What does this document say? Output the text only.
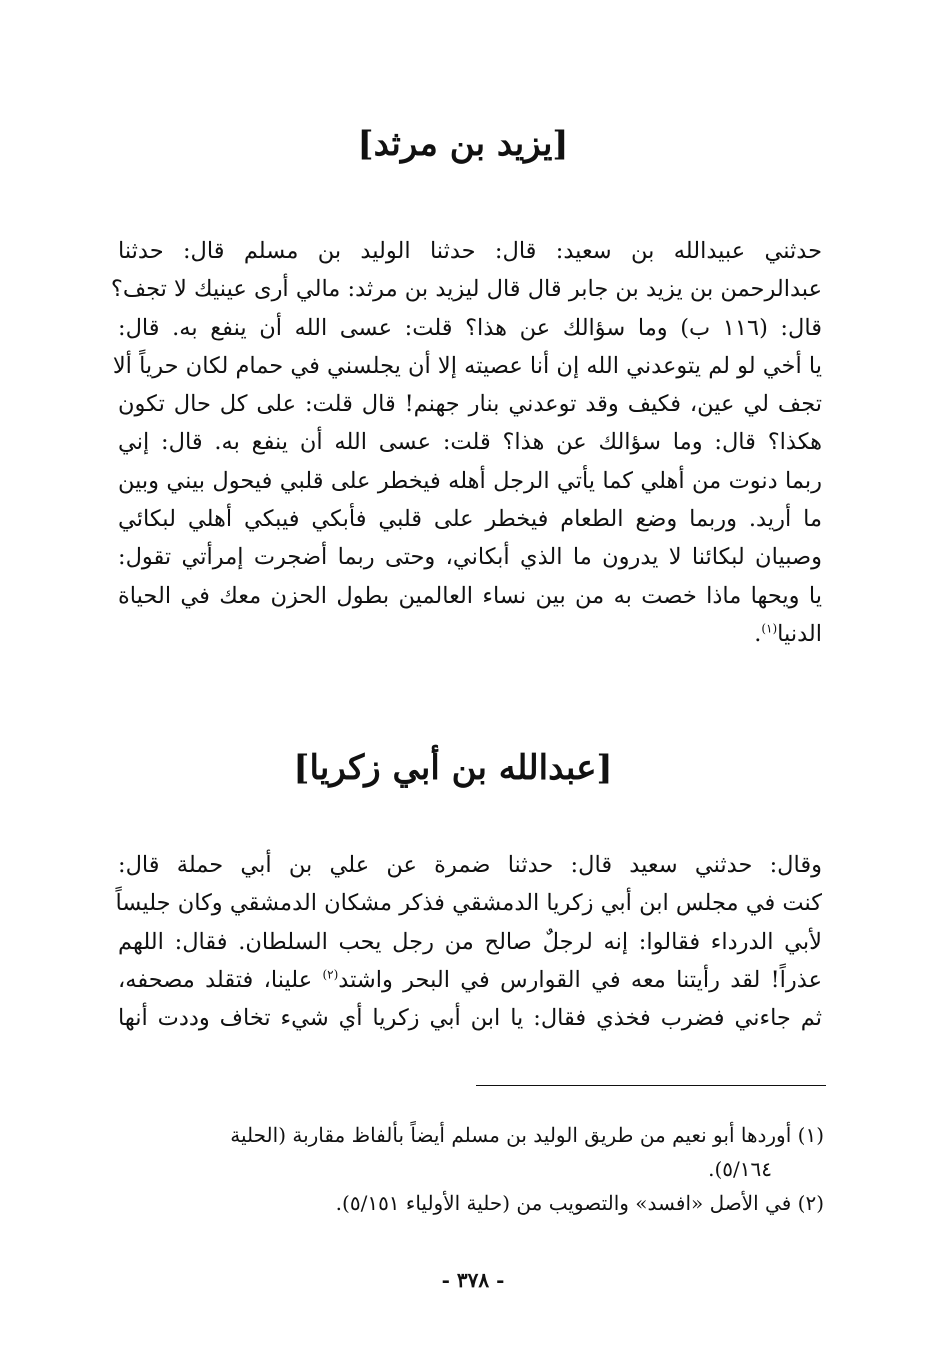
[يزيد بن مرثد]
حدثني عبيدالله بن سعيد: قال: حدثنا الوليد بن مسلم قال: حدثنا
عبدالرحمن بن يزيد بن جابر قال قال ليزيد بن مرثد: مالي أرى عينيك لا تجف؟
قال: (١١٦ ب) وما سؤالك عن هذا؟ قلت: عسى الله أن ينفع به. قال:
يا أخي لو لم يتوعدني الله إن أنا عصيته إلا أن يجلسني في حمام لكان حرياً ألا
تجف لي عين، فكيف وقد توعدني بنار جهنم! قال قلت: على كل حال تكون
هكذا؟ قال: وما سؤالك عن هذا؟ قلت: عسى الله أن ينفع به. قال: إني
ربما دنوت من أهلي كما يأتي الرجل أهله فيخطر على قلبي فيحول بيني وبين
ما أريد. وربما وضع الطعام فيخطر على قلبي فأبكي فيبكي أهلي لبكائي
وصبيان لبكائنا لا يدرون ما الذي أبكاني، وحتى ربما أضجرت إمرأتي تقول:
يا ويحها ماذا خصت به من بين نساء العالمين بطول الحزن معك في الحياة
الدنيا$^{(١)}$.
[عبدالله بن أبي زكريا]
وقال: حدثني سعيد قال: حدثنا ضمرة عن علي بن أبي حملة قال:
كنت في مجلس ابن أبي زكريا الدمشقي فذكر مشكان الدمشقي وكان جليساً
لأبي الدرداء فقالوا: إنه لرجلٌ صالح من رجل يحب السلطان. فقال: اللهم
عذراً! لقد رأيتنا معه في القوارس في البحر واشتد$^{(٢)}$ علينا، فتقلد مصحفه،
ثم جاءني فضرب فخذي فقال: يا ابن أبي زكريا أي شيء تخاف وددت أنها
(١) أوردها أبو نعيم من طريق الوليد بن مسلم أيضاً بألفاظ مقاربة (الحلية
٥/١٦٤).
(٢) في الأصل «افسد» والتصويب من (حلية الأولياء ٥/١٥١).
- ٣٧٨ -
